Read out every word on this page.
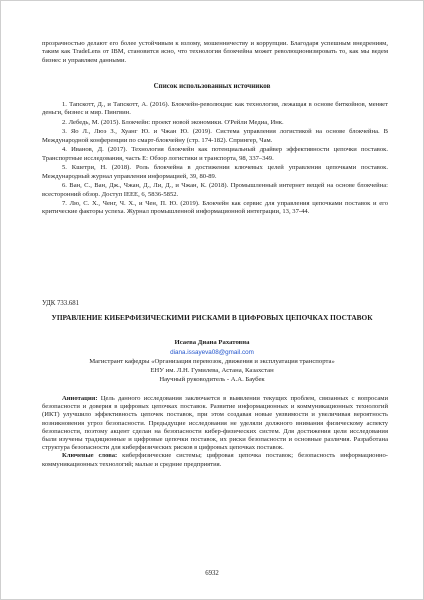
прозрачностью делают его более устойчивым к взлому, мошенничеству и коррупции. Благодаря успешным внедрениям, таким как TradeLens от IBM, становится ясно, что технология блокчейна может революционизировать то, как мы ведем бизнес и управляем данными.
Список использованных источников
1. Тапскотт, Д., и Тапскотт, А. (2016). Блокчейн-революция: как технология, лежащая в основе биткойнов, меняет деньги, бизнес и мир. Пингвин.
2. Лебедь, М. (2015). Блокчейн: проект новой экономики. О'Рейли Медиа, Инк.
3. Яо Л., Люэ З., Хуанг Ю. и Чжан Ю. (2019). Система управления логистикой на основе блокчейна. В Международной конференции по смарт-блокчейну (стр. 174-182). Спрингер, Чам.
4. Иванов, Д. (2017). Технология блокчейн как потенциальный драйвер эффективности цепочки поставок. Транспортные исследования, часть E: Обзор логистики и транспорта, 98, 337–349.
5. Кшетри, Н. (2018). Роль блокчейна в достижении ключевых целей управления цепочками поставок. Международный журнал управления информацией, 39, 80-89.
6. Ван, С., Ван, Дж., Чжан, Д., Ли, Д., и Чжан, К. (2018). Промышленный интернет вещей на основе блокчейна: всесторонний обзор. Доступ IEEE, 6, 5836-5852.
7. Лю, С. Х., Ченг, Ч. Х., и Чен, П. Ю. (2019). Блокчейн как сервис для управления цепочками поставок и его критические факторы успеха. Журнал промышленной информационной интеграции, 13, 37-44.
УДК 733.681
УПРАВЛЕНИЕ КИБЕРФИЗИЧЕСКИМИ РИСКАМИ В ЦИФРОВЫХ ЦЕПОЧКАХ ПОСТАВОК
Исаева Диана Рахатовна
diana.issayeva08@gmail.com
Магистрант кафедры «Организация перевозок, движения и эксплуатация транспорта»
ЕНУ им. Л.Н. Гумилева, Астана, Казахстан
Научный руководитель - А.А. Баубек

Аннотация: Цель данного исследования заключается в выявлении текущих проблем, связанных с вопросами безопасности и доверия в цифровых цепочках поставок. Развитие информационных и коммуникационных технологий (ИКТ) улучшило эффективность цепочек поставок, при этом создавая новые уязвимости и увеличивая вероятность возникновения угроз безопасности. Предыдущие исследования не уделяли должного внимания физическому аспекту безопасности, поэтому акцент сделан на безопасности кибер-физических систем. Для достижения цели исследования были изучены традиционные и цифровые цепочки поставок, их риски безопасности и основные различия. Разработана структура безопасности для киберфизических рисков в цифровых цепочках поставок.

Ключевые слова: киберфизические системы; цифровая цепочка поставок; безопасность информационно-коммуникационных технологий; малые и средние предприятия.

6932
